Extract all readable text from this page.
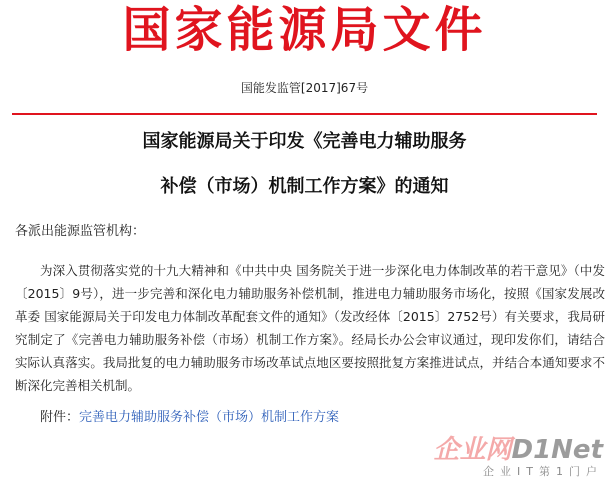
国家能源局文件
国能发监管[2017]67号
国家能源局关于印发《完善电力辅助服务
补偿（市场）机制工作方案》的通知
各派出能源监管机构：

为深入贯彻落实党的十九大精神和《中共中央 国务院关于进一步深化电力体制改革的若干意见》（中发〔2015〕9号），进一步完善和深化电力辅助服务补偿机制，推进电力辅助服务市场化，按照《国家发展改革委 国家能源局关于印发电力体制改革配套文件的通知》（发改经体〔2015〕2752号）有关要求，我局研究制定了《完善电力辅助服务补偿（市场）机制工作方案》。经局长办公会审议通过，现印发你们，请结合实际认真落实。我局批复的电力辅助服务市场改革试点地区要按照批复方案推进试点，并结合本通知要求不断深化完善相关机制。

附件：完善电力辅助服务补偿（市场）机制工作方案
企业网D1Net
企业IT第1门户
